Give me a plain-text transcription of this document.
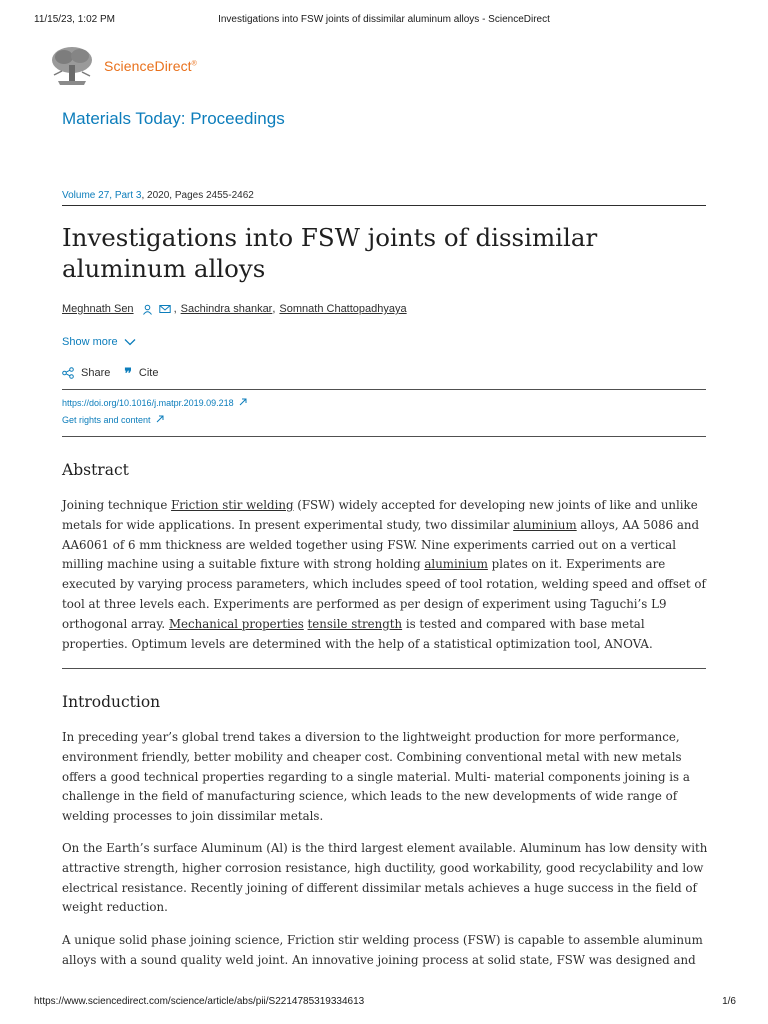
11/15/23, 1:02 PM	Investigations into FSW joints of dissimilar aluminum alloys - ScienceDirect
ScienceDirect®
Materials Today: Proceedings
Volume 27, Part 3, 2020, Pages 2455-2462
Investigations into FSW joints of dissimilar aluminum alloys
Meghnath Sen	, Sachindra shankar , Somnath Chattopadhyaya
Show more
Share ❞ Cite
https://doi.org/10.1016/j.matpr.2019.09.218
Get rights and content
Abstract

Joining technique Friction stir welding (FSW) widely accepted for developing new joints of like and unlike metals for wide applications. In present experimental study, two dissimilar aluminium alloys, AA 5086 and AA6061 of 6 mm thickness are welded together using FSW. Nine experiments carried out on a vertical milling machine using a suitable fixture with strong holding aluminium plates on it. Experiments are executed by varying process parameters, which includes speed of tool rotation, welding speed and offset of tool at three levels each. Experiments are performed as per design of experiment using Taguchi’s L9 orthogonal array. Mechanical properties tensile strength is tested and compared with base metal properties. Optimum levels are determined with the help of a statistical optimization tool, ANOVA.

Introduction

In preceding year’s global trend takes a diversion to the lightweight production for more performance, environment friendly, better mobility and cheaper cost. Combining conventional metal with new metals offers a good technical properties regarding to a single material. Multi- material components joining is a challenge in the field of manufacturing science, which leads to the new developments of wide range of welding processes to join dissimilar metals.

On the Earth’s surface Aluminum (Al) is the third largest element available. Aluminum has low density with attractive strength, higher corrosion resistance, high ductility, good workability, good recyclability and low electrical resistance. Recently joining of different dissimilar metals achieves a huge success in the field of weight reduction.

A unique solid phase joining science, Friction stir welding process (FSW) is capable to assemble aluminum alloys with a sound quality weld joint. An innovative joining process at solid state, FSW was designed and

https://www.sciencedirect.com/science/article/abs/pii/S2214785319334613	1/6
